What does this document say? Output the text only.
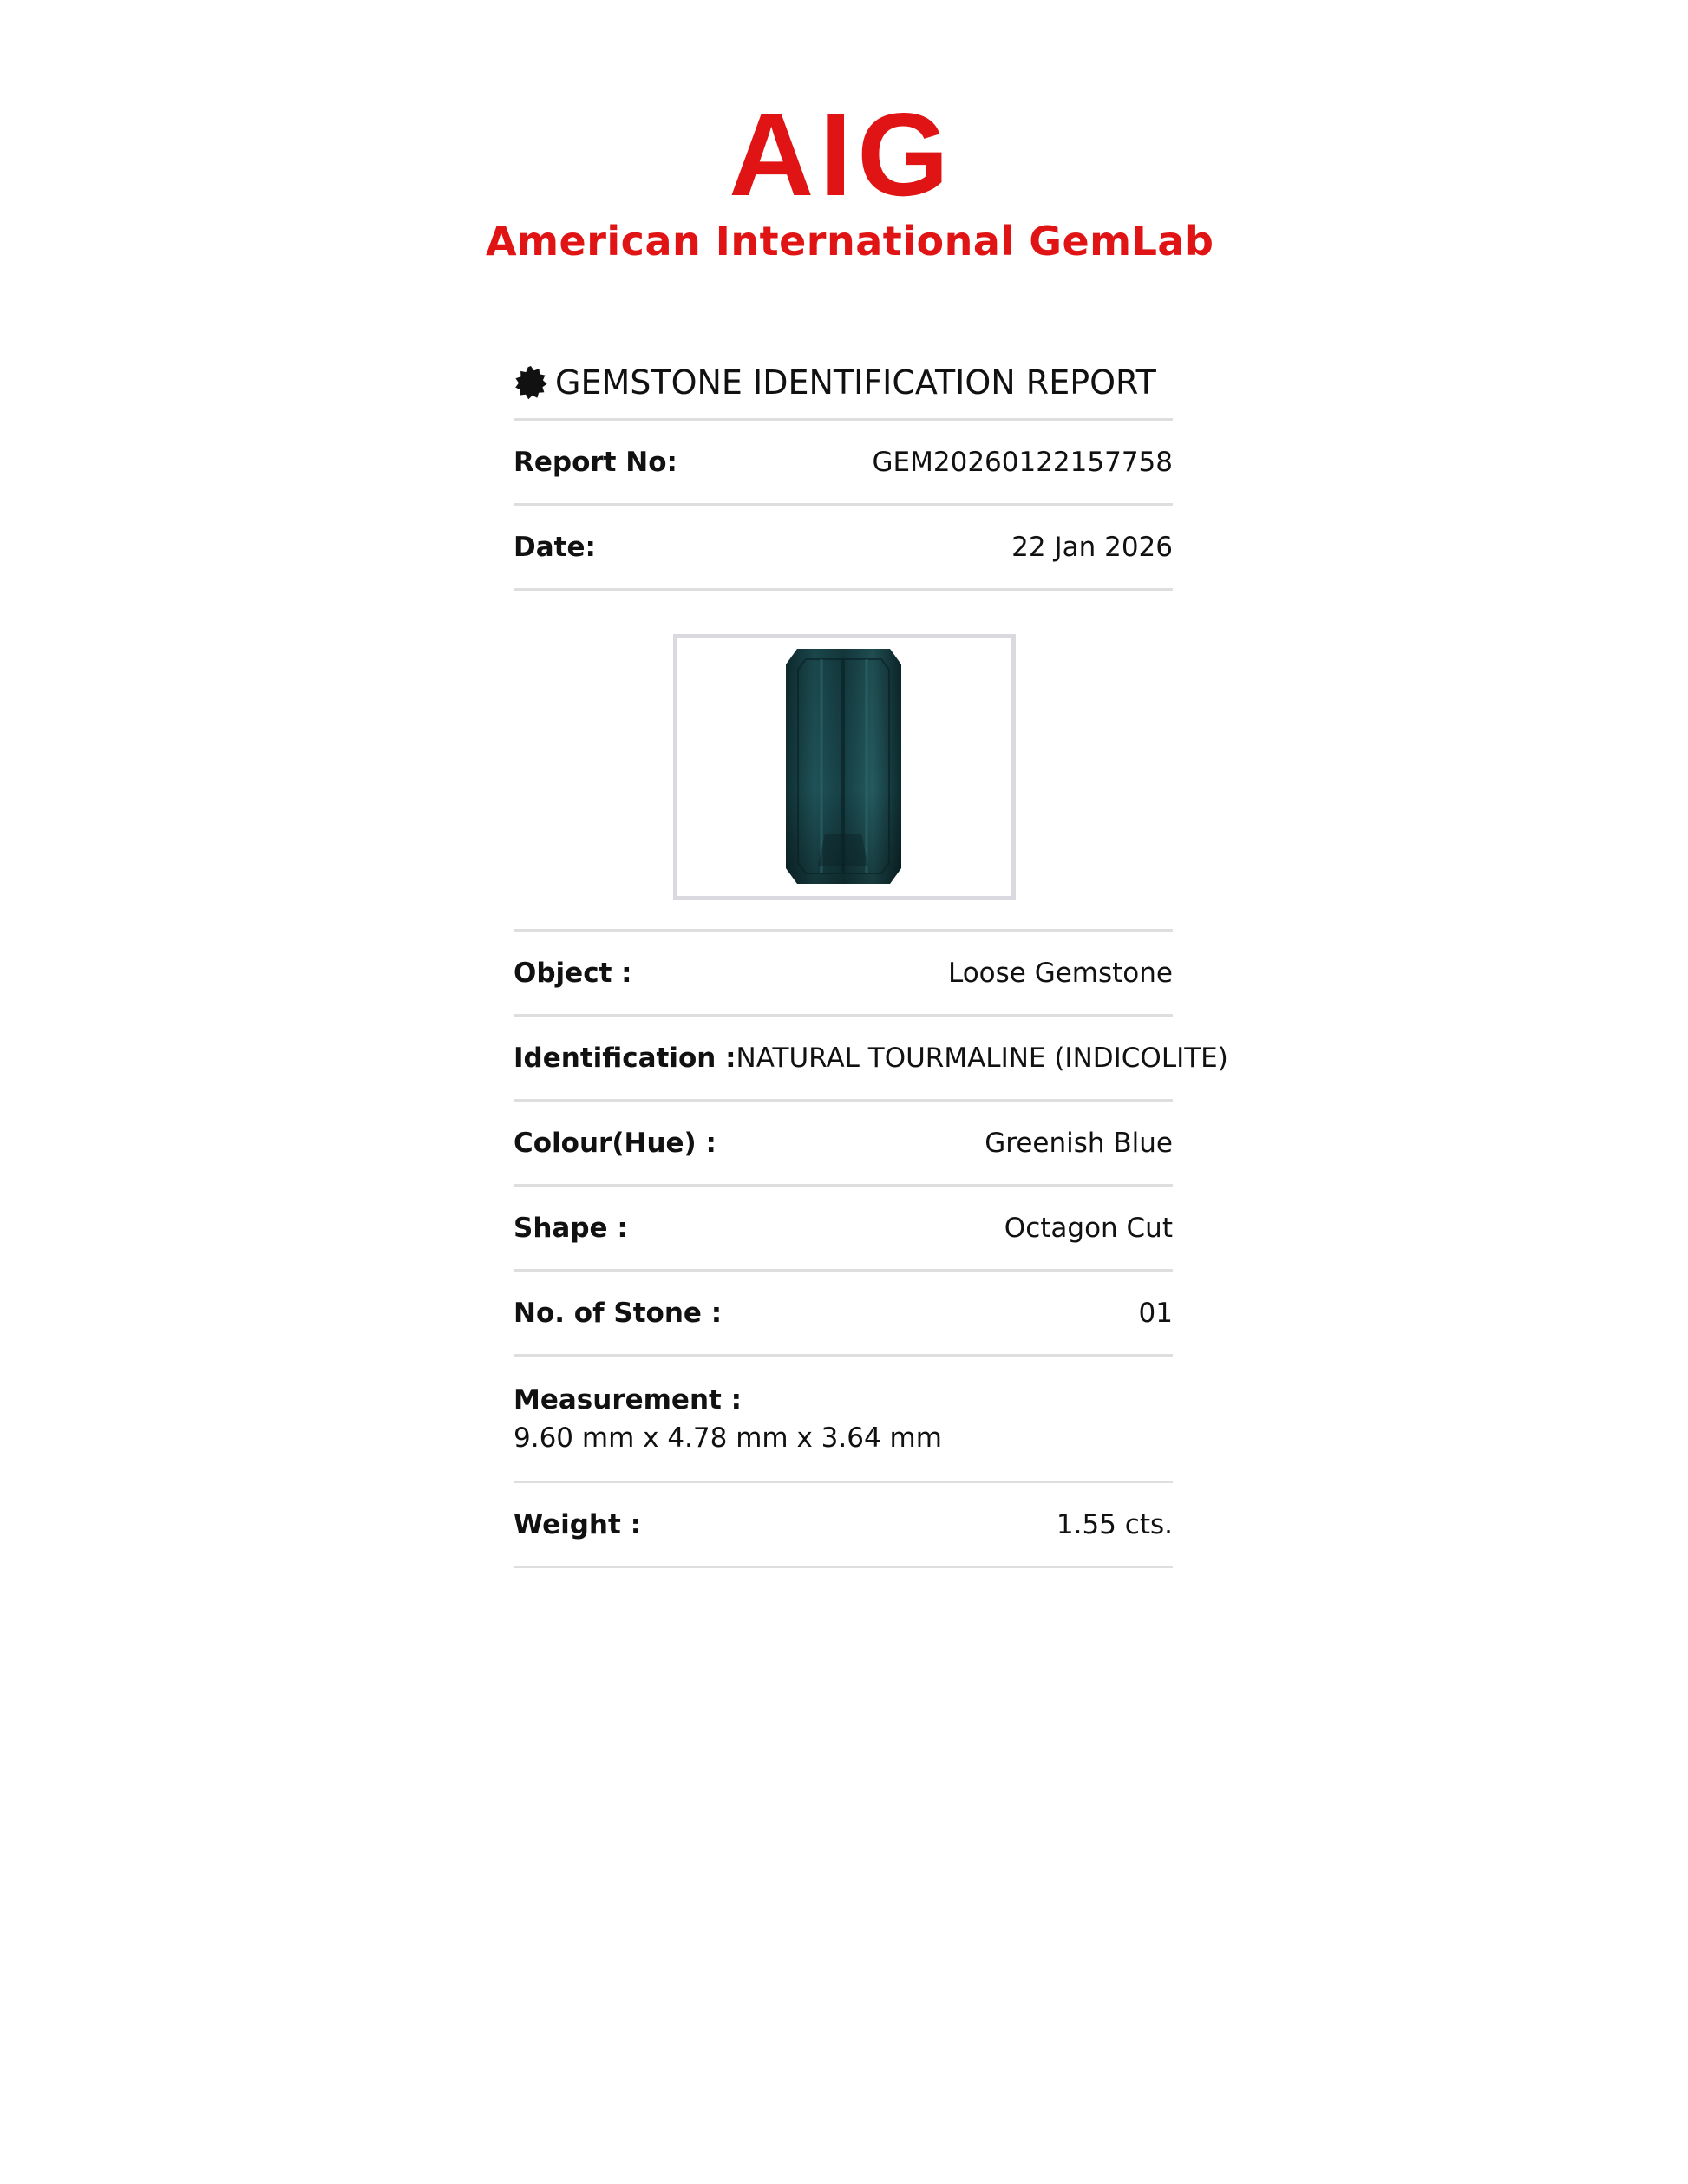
AIG
American International GemLab
GEMSTONE IDENTIFICATION REPORT
Report No:	GEM20260122157758
Date:	22 Jan 2026
Object :	Loose Gemstone
Identification : NATURAL TOURMALINE (INDICOLITE)
Colour(Hue) :	Greenish Blue
Shape :	Octagon Cut
No. of Stone :	01
Measurement :
9.60 mm x 4.78 mm x 3.64 mm
Weight :	1.55 cts.
